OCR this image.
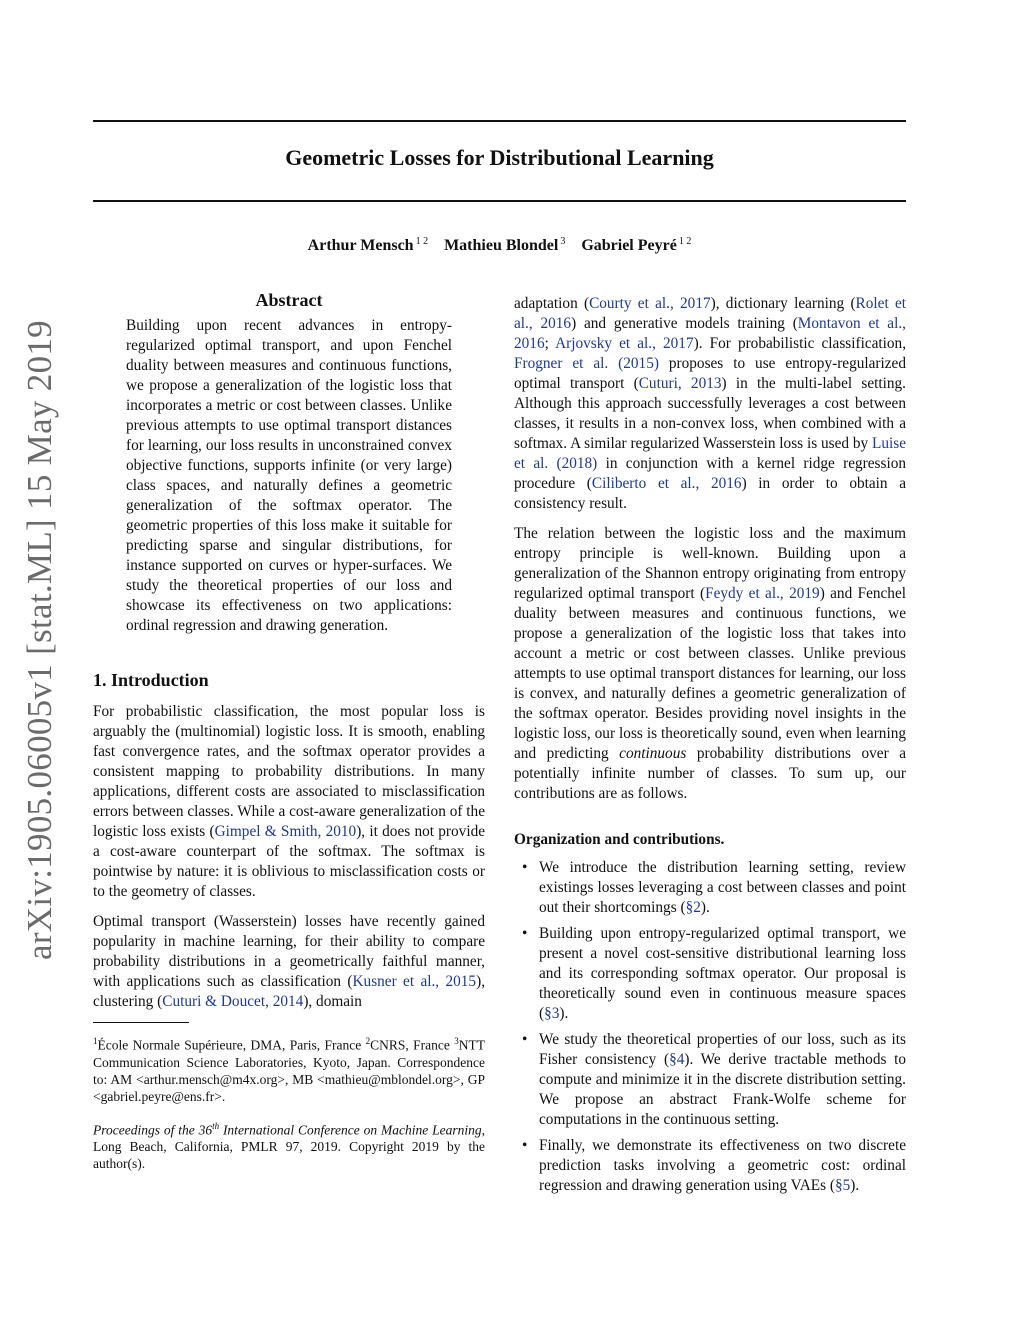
Geometric Losses for Distributional Learning
Arthur Mensch $^{1 2}$ Mathieu Blondel $^3$ Gabriel Peyré $^{1 2}$
arXiv:1905.06005v1 [stat.ML] 15 May 2019
Abstract

Building upon recent advances in entropy-regularized optimal transport, and upon Fenchel duality between measures and continuous functions, we propose a generalization of the logistic loss that incorporates a metric or cost between classes. Unlike previous attempts to use optimal transport distances for learning, our loss results in unconstrained convex objective functions, supports infinite (or very large) class spaces, and naturally defines a geometric generalization of the softmax operator. The geometric properties of this loss make it suitable for predicting sparse and singular distributions, for instance supported on curves or hyper-surfaces. We study the theoretical properties of our loss and showcase its effectiveness on two applications: ordinal regression and drawing generation.

1. Introduction

For probabilistic classification, the most popular loss is arguably the (multinomial) logistic loss. It is smooth, enabling fast convergence rates, and the softmax operator provides a consistent mapping to probability distributions. In many applications, different costs are associated to misclassification errors between classes. While a cost-aware generalization of the logistic loss exists (Gimpel & Smith, 2010), it does not provide a cost-aware counterpart of the softmax. The softmax is pointwise by nature: it is oblivious to misclassification costs or to the geometry of classes.

Optimal transport (Wasserstein) losses have recently gained popularity in machine learning, for their ability to compare probability distributions in a geometrically faithful manner, with applications such as classification (Kusner et al., 2015), clustering (Cuturi & Doucet, 2014), domain

$^1$École Normale Supérieure, DMA, Paris, France $^2$CNRS, France $^3$NTT Communication Science Laboratories, Kyoto, Japan. Correspondence to: AM <arthur.mensch@m4x.org>, MB <mathieu@mblondel.org>, GP <gabriel.peyre@ens.fr>.

Proceedings of the 36th International Conference on Machine Learning, Long Beach, California, PMLR 97, 2019. Copyright 2019 by the author(s).

adaptation (Courty et al., 2017), dictionary learning (Rolet et al., 2016) and generative models training (Montavon et al., 2016; Arjovsky et al., 2017). For probabilistic classification, Frogner et al. (2015) proposes to use entropy-regularized optimal transport (Cuturi, 2013) in the multi-label setting. Although this approach successfully leverages a cost between classes, it results in a non-convex loss, when combined with a softmax. A similar regularized Wasserstein loss is used by Luise et al. (2018) in conjunction with a kernel ridge regression procedure (Ciliberto et al., 2016) in order to obtain a consistency result.

The relation between the logistic loss and the maximum entropy principle is well-known. Building upon a generalization of the Shannon entropy originating from entropy regularized optimal transport (Feydy et al., 2019) and Fenchel duality between measures and continuous functions, we propose a generalization of the logistic loss that takes into account a metric or cost between classes. Unlike previous attempts to use optimal transport distances for learning, our loss is convex, and naturally defines a geometric generalization of the softmax operator. Besides providing novel insights in the logistic loss, our loss is theoretically sound, even when learning and predicting continuous probability distributions over a potentially infinite number of classes. To sum up, our contributions are as follows.

Organization and contributions.

• We introduce the distribution learning setting, review existings losses leveraging a cost between classes and point out their shortcomings (§2).
• Building upon entropy-regularized optimal transport, we present a novel cost-sensitive distributional learning loss and its corresponding softmax operator. Our proposal is theoretically sound even in continuous measure spaces (§3).
• We study the theoretical properties of our loss, such as its Fisher consistency (§4). We derive tractable methods to compute and minimize it in the discrete distribution setting. We propose an abstract Frank-Wolfe scheme for computations in the continuous setting.
• Finally, we demonstrate its effectiveness on two discrete prediction tasks involving a geometric cost: ordinal regression and drawing generation using VAEs (§5).
